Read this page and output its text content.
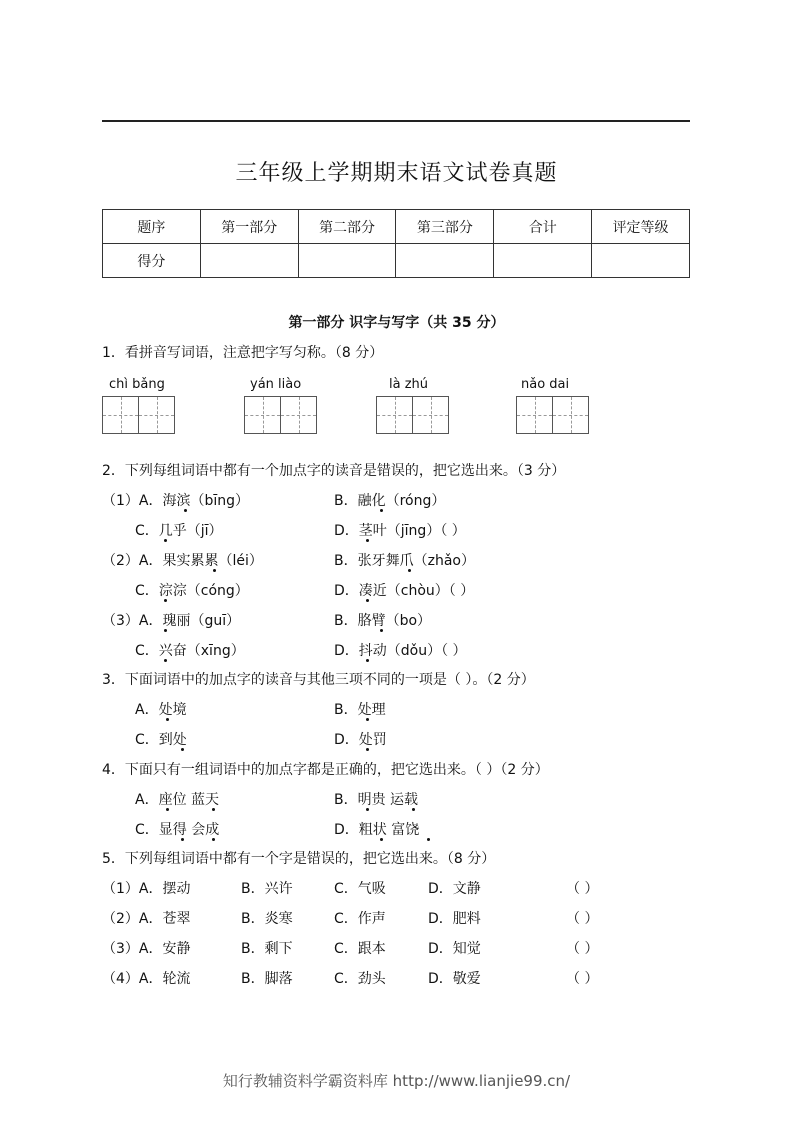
三年级上学期期末语文试卷真题
题序	第一部分	第二部分	第三部分	合计	评定等级
得分					
第一部分 识字与写字（共 35 分）
1．看拼音写词语，注意把字写匀称。（8 分）
chì bǎng	yán liào	là zhú	nǎo dai
2．下列每组词语中都有一个加点字的读音是错误的，把它选出来。（3 分）
（1）A．海滨（bīng）	B．融化（róng）
C．几乎（jī）	D．茎叶（jīng）（ ）
（2）A．果实累累（léi）	B．张牙舞爪（zhǎo）
C．淙淙（cóng）	D．凑近（chòu）（ ）
（3）A．瑰丽（guī）	B．胳臂（bo）
C．兴奋（xīng）	D．抖动（dǒu）（ ）
3．下面词语中的加点字的读音与其他三项不同的一项是（ ）。（2 分）
A．处境	B．处理
C．到处	D．处罚
4．下面只有一组词语中的加点字都是正确的，把它选出来。（ ）（2 分）
A．座位 蓝天	B．明贵 运载
C．显得 会成	D．粗状 富饶
5．下列每组词语中都有一个字是错误的，把它选出来。（8 分）
（1）A．摆动	B．兴许	C．气吸	D．文静	（ ）
（2）A．苍翠	B．炎寒	C．作声	D．肥料	（ ）
（3）A．安静	B．剩下	C．跟本	D．知觉	（ ）
（4）A．轮流	B．脚落	C．劲头	D．敬爱	（ ）
知行教辅资料学霸资料库 http://www.lianjie99.cn/
